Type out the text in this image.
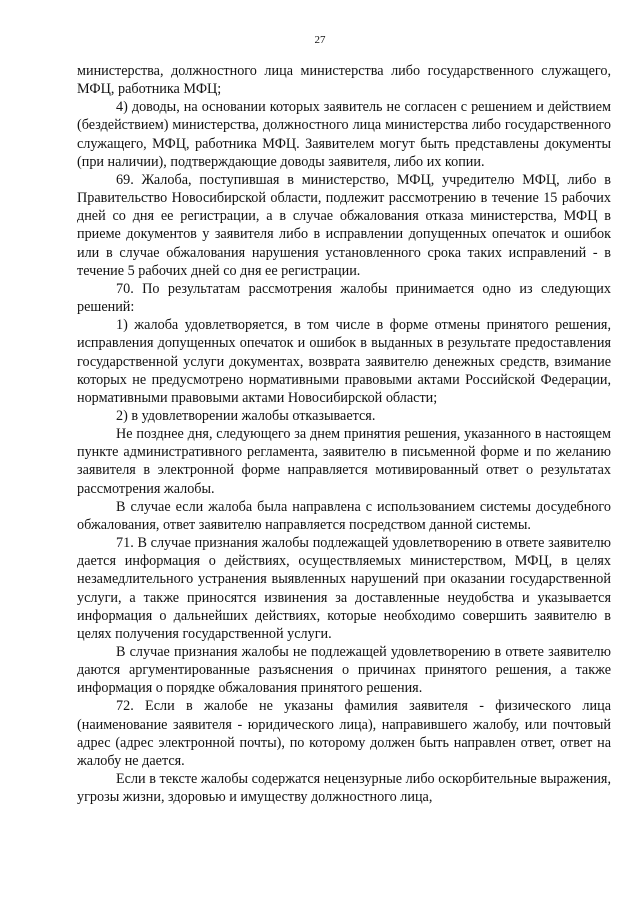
27

министерства, должностного лица министерства либо государственного служащего, МФЦ, работника МФЦ;

4) доводы, на основании которых заявитель не согласен с решением и действием (бездействием) министерства, должностного лица министерства либо государственного служащего, МФЦ, работника МФЦ. Заявителем могут быть представлены документы (при наличии), подтверждающие доводы заявителя, либо их копии.

69. Жалоба, поступившая в министерство, МФЦ, учредителю МФЦ, либо в Правительство Новосибирской области, подлежит рассмотрению в течение 15 рабочих дней со дня ее регистрации, а в случае обжалования отказа министерства, МФЦ в приеме документов у заявителя либо в исправлении допущенных опечаток и ошибок или в случае обжалования нарушения установленного срока таких исправлений - в течение 5 рабочих дней со дня ее регистрации.

70. По результатам рассмотрения жалобы принимается одно из следующих решений:

1) жалоба удовлетворяется, в том числе в форме отмены принятого решения, исправления допущенных опечаток и ошибок в выданных в результате предоставления государственной услуги документах, возврата заявителю денежных средств, взимание которых не предусмотрено нормативными правовыми актами Российской Федерации, нормативными правовыми актами Новосибирской области;

2) в удовлетворении жалобы отказывается.

Не позднее дня, следующего за днем принятия решения, указанного в настоящем пункте административного регламента, заявителю в письменной форме и по желанию заявителя в электронной форме направляется мотивированный ответ о результатах рассмотрения жалобы.

В случае если жалоба была направлена с использованием системы досудебного обжалования, ответ заявителю направляется посредством данной системы.

71. В случае признания жалобы подлежащей удовлетворению в ответе заявителю дается информация о действиях, осуществляемых министерством, МФЦ, в целях незамедлительного устранения выявленных нарушений при оказании государственной услуги, а также приносятся извинения за доставленные неудобства и указывается информация о дальнейших действиях, которые необходимо совершить заявителю в целях получения государственной услуги.

В случае признания жалобы не подлежащей удовлетворению в ответе заявителю даются аргументированные разъяснения о причинах принятого решения, а также информация о порядке обжалования принятого решения.

72. Если в жалобе не указаны фамилия заявителя - физического лица (наименование заявителя - юридического лица), направившего жалобу, или почтовый адрес (адрес электронной почты), по которому должен быть направлен ответ, ответ на жалобу не дается.

Если в тексте жалобы содержатся нецензурные либо оскорбительные выражения, угрозы жизни, здоровью и имуществу должностного лица,
